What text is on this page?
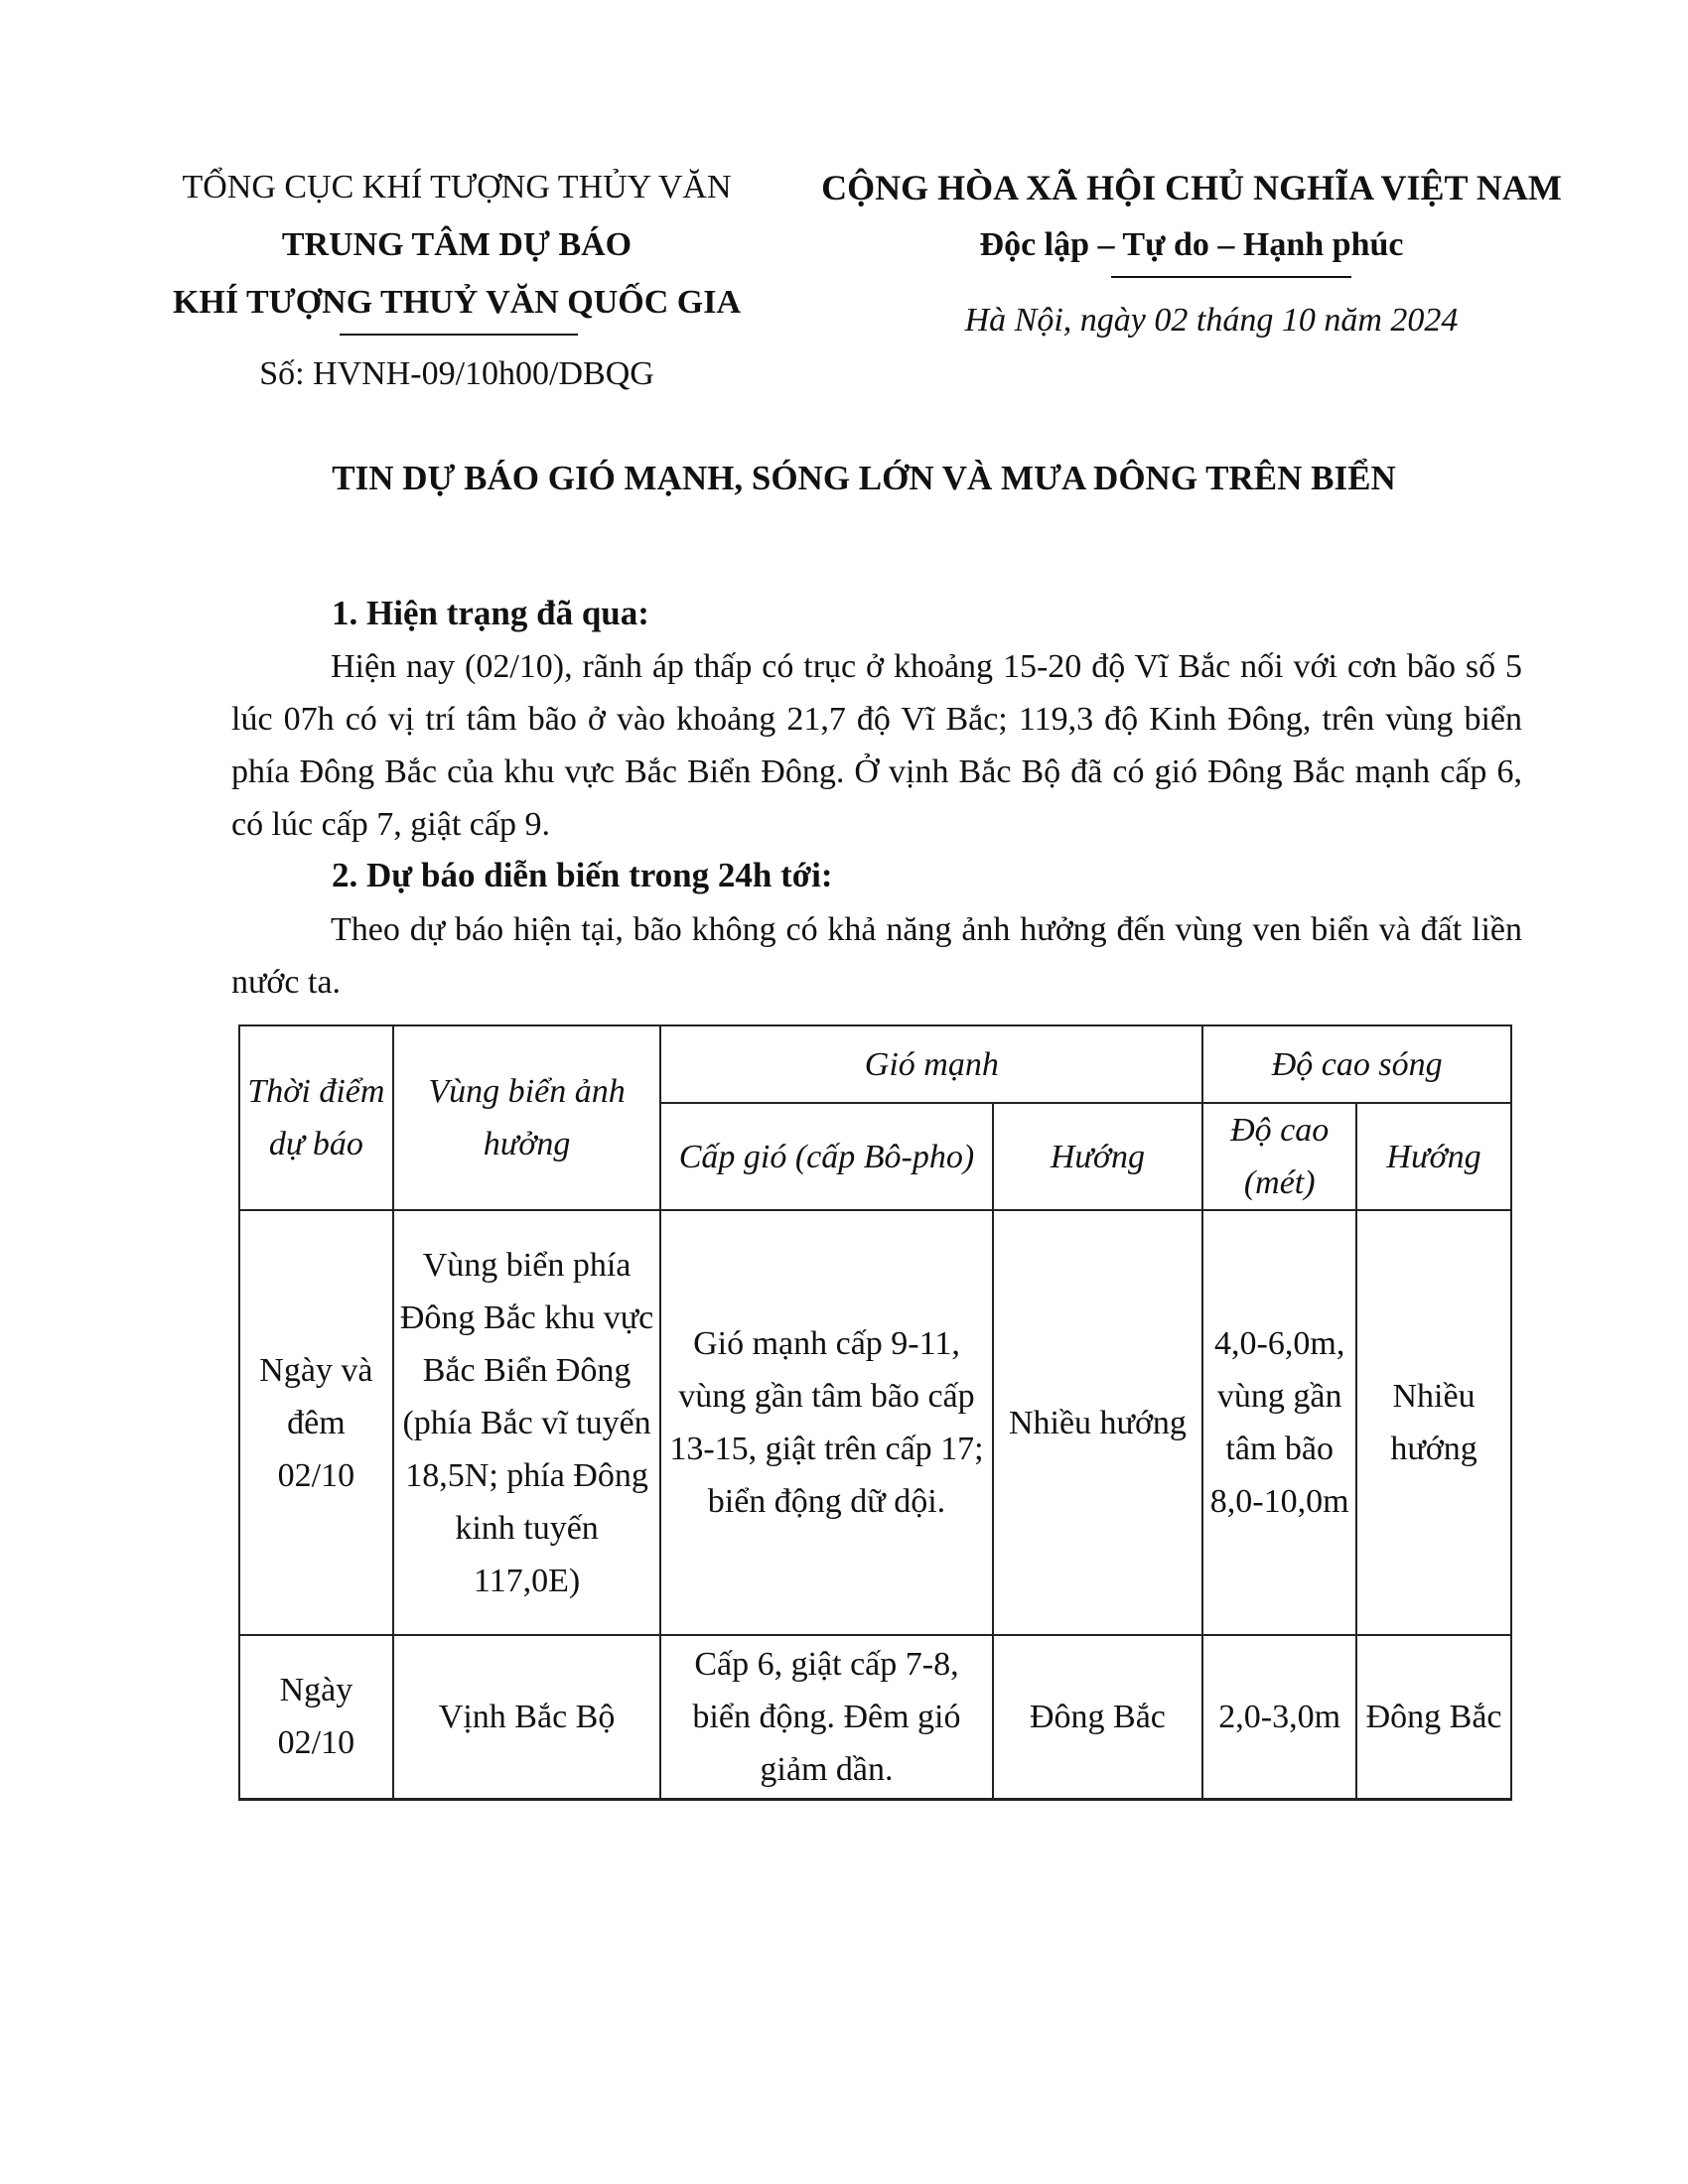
TỔNG CỤC KHÍ TƯỢNG THỦY VĂN
TRUNG TÂM DỰ BÁO
KHÍ TƯỢNG THUỶ VĂN QUỐC GIA
Số: HVNH-09/10h00/DBQG
CỘNG HÒA XÃ HỘI CHỦ NGHĨA VIỆT NAM
Độc lập – Tự do – Hạnh phúc
Hà Nội, ngày 02 tháng 10 năm 2024
TIN DỰ BÁO GIÓ MẠNH, SÓNG LỚN VÀ MƯA DÔNG TRÊN BIỂN
1. Hiện trạng đã qua:
Hiện nay (02/10), rãnh áp thấp có trục ở khoảng 15-20 độ Vĩ Bắc nối với cơn bão số 5 lúc 07h có vị trí tâm bão ở vào khoảng 21,7 độ Vĩ Bắc; 119,3 độ Kinh Đông, trên vùng biển phía Đông Bắc của khu vực Bắc Biển Đông. Ở vịnh Bắc Bộ đã có gió Đông Bắc mạnh cấp 6, có lúc cấp 7, giật cấp 9.
2. Dự báo diễn biến trong 24h tới:
Theo dự báo hiện tại, bão không có khả năng ảnh hưởng đến vùng ven biển và đất liền nước ta.
Thời điểm dự báo	Vùng biển ảnh hưởng	Gió mạnh		Độ cao sóng	
		Cấp gió (cấp Bô-pho)	Hướng	Độ cao (mét)	Hướng
Ngày và đêm 02/10	Vùng biển phía Đông Bắc khu vực Bắc Biển Đông (phía Bắc vĩ tuyến 18,5N; phía Đông kinh tuyến 117,0E)	Gió mạnh cấp 9-11, vùng gần tâm bão cấp 13-15, giật trên cấp 17; biển động dữ dội.	Nhiều hướng	4,0-6,0m, vùng gần tâm bão 8,0-10,0m	Nhiều hướng
Ngày 02/10	Vịnh Bắc Bộ	Cấp 6, giật cấp 7-8, biển động. Đêm gió giảm dần.	Đông Bắc	2,0-3,0m	Đông Bắc
